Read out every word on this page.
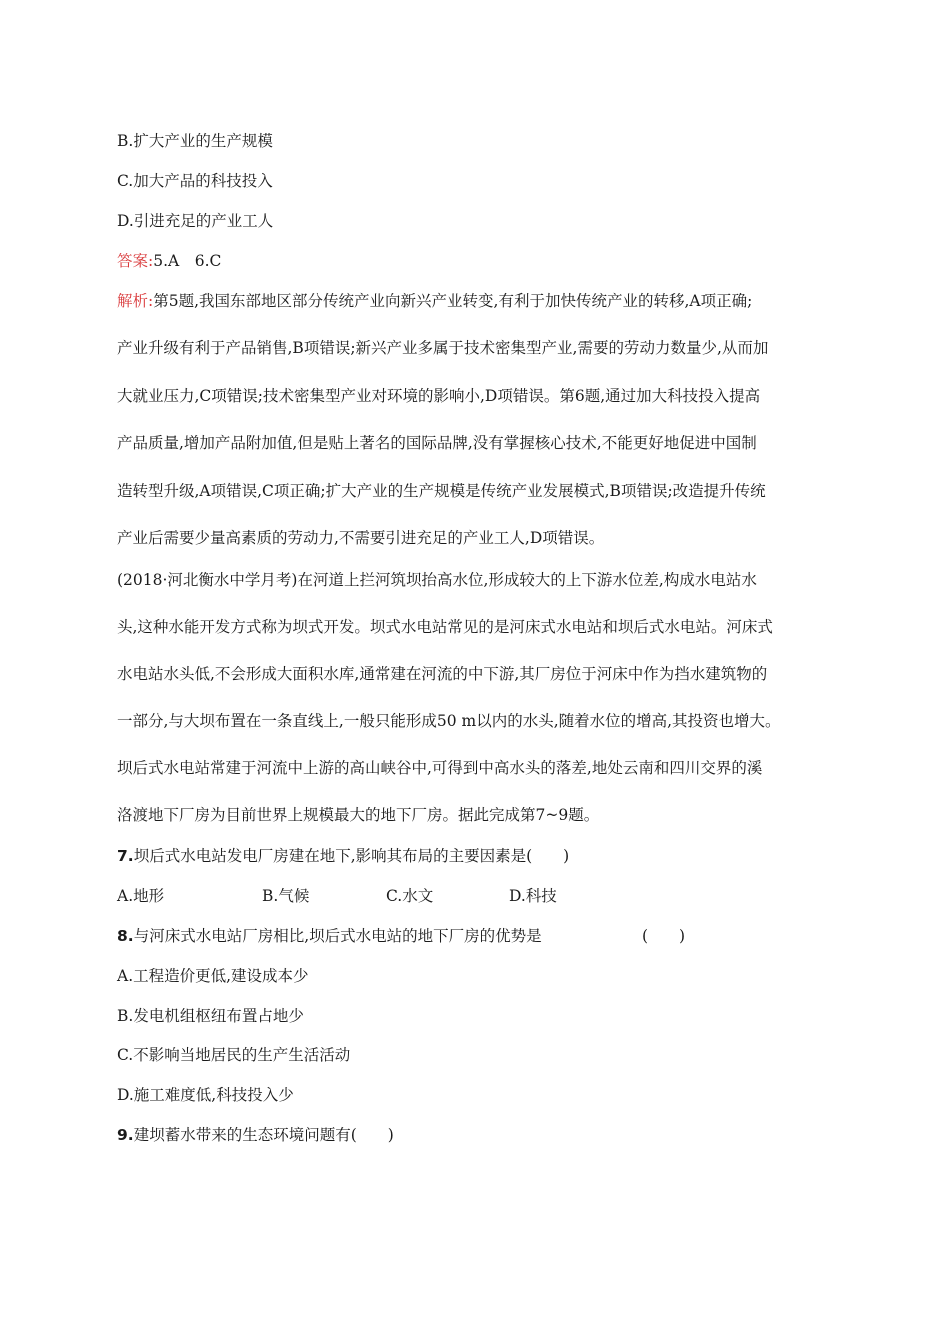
B.扩大产业的生产规模
C.加大产品的科技投入
D.引进充足的产业工人
答案:5.A　6.C
解析:第5题,我国东部地区部分传统产业向新兴产业转变,有利于加快传统产业的转移,A项正确;
产业升级有利于产品销售,B项错误;新兴产业多属于技术密集型产业,需要的劳动力数量少,从而加
大就业压力,C项错误;技术密集型产业对环境的影响小,D项错误。第6题,通过加大科技投入提高
产品质量,增加产品附加值,但是贴上著名的国际品牌,没有掌握核心技术,不能更好地促进中国制
造转型升级,A项错误,C项正确;扩大产业的生产规模是传统产业发展模式,B项错误;改造提升传统
产业后需要少量高素质的劳动力,不需要引进充足的产业工人,D项错误。
(2018·河北衡水中学月考)在河道上拦河筑坝抬高水位,形成较大的上下游水位差,构成水电站水
头,这种水能开发方式称为坝式开发。坝式水电站常见的是河床式水电站和坝后式水电站。河床式
水电站水头低,不会形成大面积水库,通常建在河流的中下游,其厂房位于河床中作为挡水建筑物的
一部分,与大坝布置在一条直线上,一般只能形成50 m以内的水头,随着水位的增高,其投资也增大。
坝后式水电站常建于河流中上游的高山峡谷中,可得到中高水头的落差,地处云南和四川交界的溪
洛渡地下厂房为目前世界上规模最大的地下厂房。据此完成第7~9题。
7.坝后式水电站发电厂房建在地下,影响其布局的主要因素是(　　)
A.地形	B.气候	C.水文	D.科技
8.与河床式水电站厂房相比,坝后式水电站的地下厂房的优势是	(　　)
A.工程造价更低,建设成本少
B.发电机组枢纽布置占地少
C.不影响当地居民的生产生活活动
D.施工难度低,科技投入少
9.建坝蓄水带来的生态环境问题有(　　)
